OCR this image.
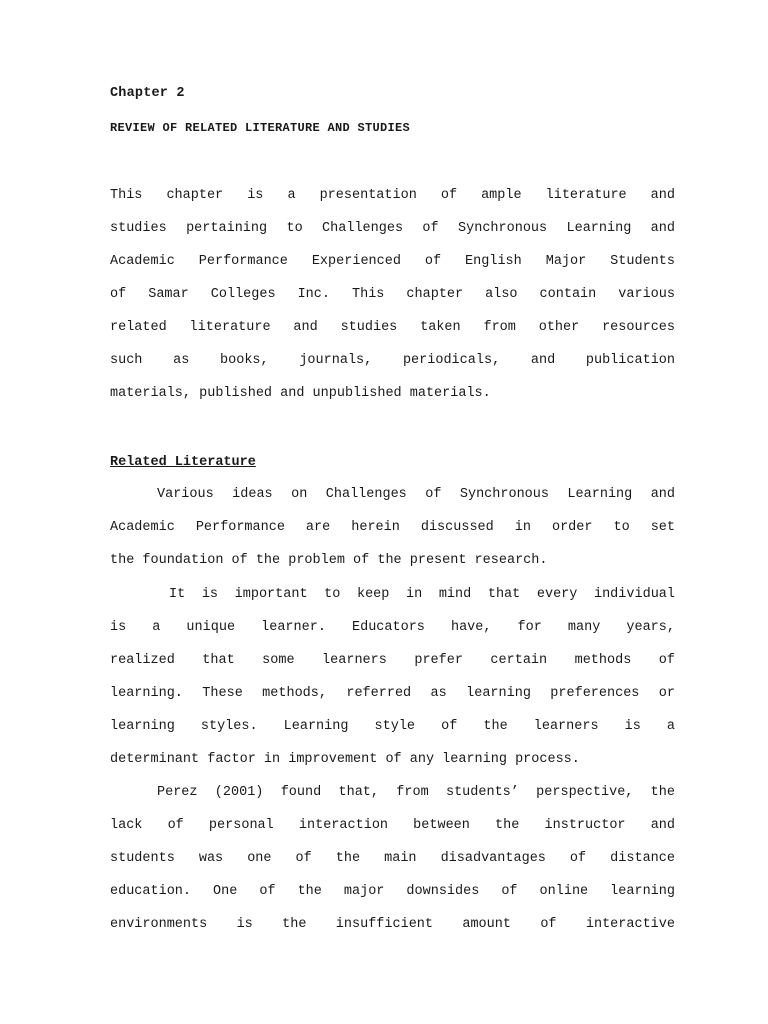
Chapter 2
REVIEW OF RELATED LITERATURE AND STUDIES
This chapter is a presentation of ample literature and
studies pertaining to Challenges of Synchronous Learning and
Academic Performance Experienced of English Major Students
of Samar Colleges Inc. This chapter also contain various
related literature and studies taken from other resources
such as books, journals, periodicals, and publication
materials, published and unpublished materials.
Related Literature
Various ideas on Challenges of Synchronous Learning and
Academic Performance are herein discussed in order to set
the foundation of the problem of the present research.
It is important to keep in mind that every individual
is a unique learner. Educators have, for many years,
realized that some learners prefer certain methods of
learning. These methods, referred as learning preferences or
learning styles. Learning style of the learners is a
determinant factor in improvement of any learning process.
Perez (2001) found that, from students’ perspective, the
lack of personal interaction between the instructor and
students was one of the main disadvantages of distance
education. One of the major downsides of online learning
environments is the insufficient amount of interactive
